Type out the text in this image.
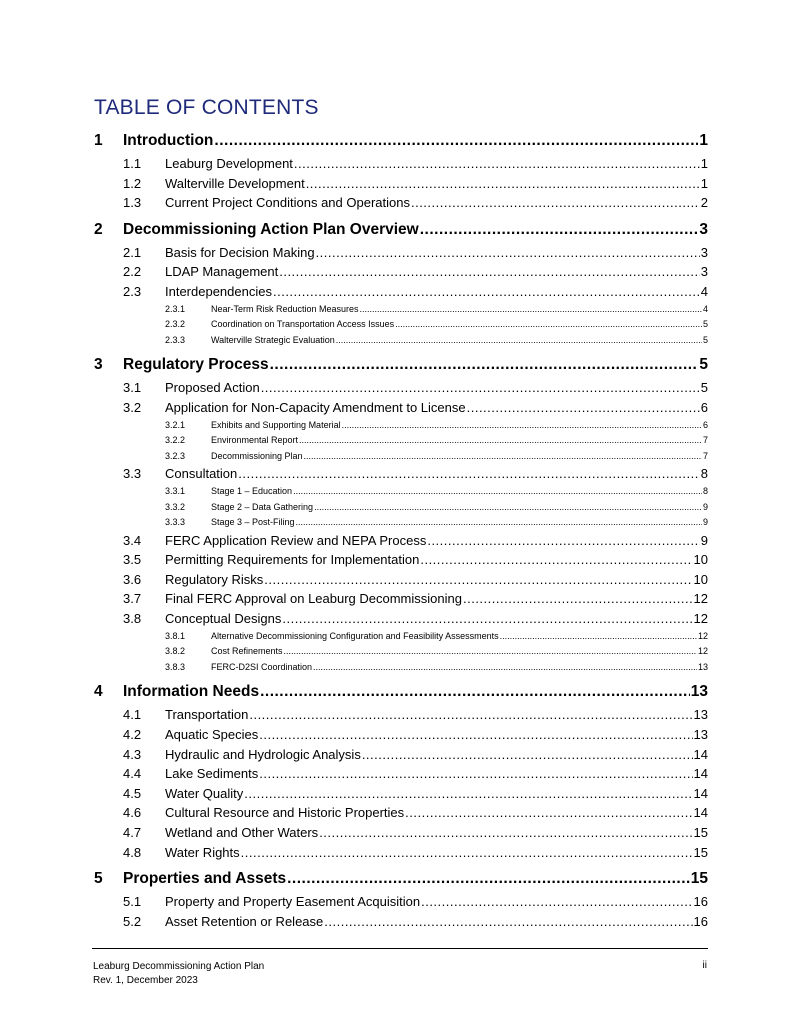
TABLE OF CONTENTS
1	Introduction .....	1
1.1	Leaburg Development .....	1
1.2	Walterville Development .....	1
1.3	Current Project Conditions and Operations .....	2
2	Decommissioning Action Plan Overview .....	3
2.1	Basis for Decision Making .....	3
2.2	LDAP Management .....	3
2.3	Interdependencies .....	4
2.3.1	Near-Term Risk Reduction Measures .....	4
2.3.2	Coordination on Transportation Access Issues .....	5
2.3.3	Walterville Strategic Evaluation .....	5
3	Regulatory Process .....	5
3.1	Proposed Action .....	5
3.2	Application for Non-Capacity Amendment to License .....	6
3.2.1	Exhibits and Supporting Material .....	6
3.2.2	Environmental Report .....	7
3.2.3	Decommissioning Plan .....	7
3.3	Consultation .....	8
3.3.1	Stage 1 – Education .....	8
3.3.2	Stage 2 – Data Gathering .....	9
3.3.3	Stage 3 – Post-Filing .....	9
3.4	FERC Application Review and NEPA Process .....	9
3.5	Permitting Requirements for Implementation .....	10
3.6	Regulatory Risks .....	10
3.7	Final FERC Approval on Leaburg Decommissioning .....	12
3.8	Conceptual Designs .....	12
3.8.1	Alternative Decommissioning Configuration and Feasibility Assessments .....	12
3.8.2	Cost Refinements .....	12
3.8.3	FERC-D2SI Coordination .....	13
4	Information Needs .....	13
4.1	Transportation .....	13
4.2	Aquatic Species .....	13
4.3	Hydraulic and Hydrologic Analysis .....	14
4.4	Lake Sediments .....	14
4.5	Water Quality .....	14
4.6	Cultural Resource and Historic Properties .....	14
4.7	Wetland and Other Waters .....	15
4.8	Water Rights .....	15
5	Properties and Assets .....	15
5.1	Property and Property Easement Acquisition .....	16
5.2	Asset Retention or Release .....	16
Leaburg Decommissioning Action Plan
Rev. 1, December 2023
ii
